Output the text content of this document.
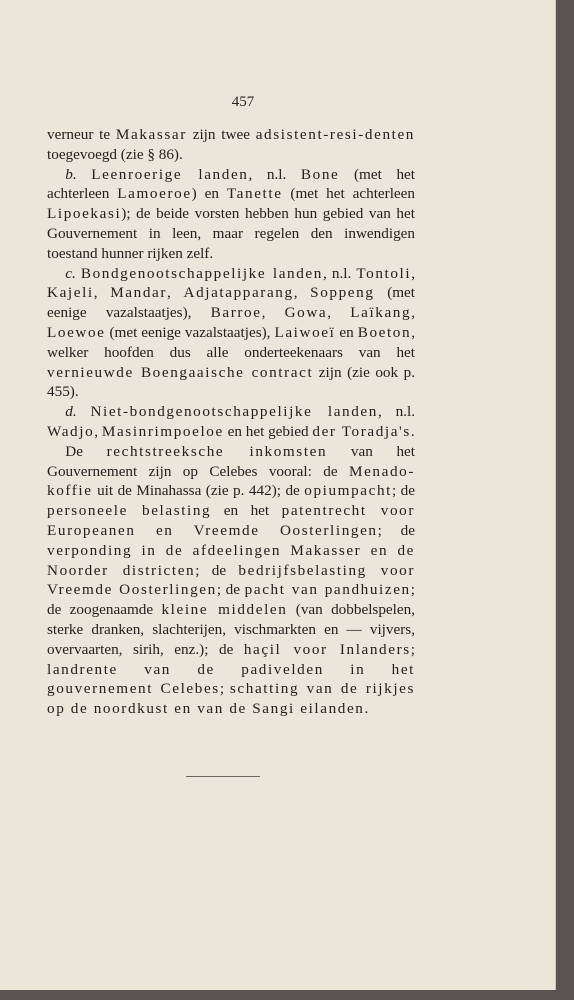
457

verneur te Makassar zijn twee adsistent-resi-denten toegevoegd (zie § 86).

b. Leenroerige landen, n.l. Bone (met het achterleen Lamoeroe) en Tanette (met het achterleen Lipoekasi); de beide vorsten hebben hun gebied van het Gouvernement in leen, maar regelen den inwendigen toestand hunner rijken zelf.

c. Bondgenootschappelijke landen, n.l. Tontoli, Kajeli, Mandar, Adjatapparang, Soppeng (met eenige vazalstaatjes), Barroe, Gowa, Laïkang, Loewoe (met eenige vazalstaatjes), Laiwoeï en Boeton, welker hoofden dus alle onderteekenaars van het vernieuwde Boengaaische contract zijn (zie ook p. 455).

d. Niet-bondgenootschappelijke landen, n.l. Wadjo, Masinrimpoeloe en het gebied der Toradja's.

De rechtstreeksche inkomsten van het Gouvernement zijn op Celebes vooral: de Menado-koffie uit de Minahassa (zie p. 442); de opiumpacht; de personeele belasting en het patentrecht voor Europeanen en Vreemde Oosterlingen; de verponding in de afdeelingen Makasser en de Noorder districten; de bedrijfsbelasting voor Vreemde Oosterlingen; de pacht van pandhuizen; de zoogenaamde kleine middelen (van dobbelspelen, sterke dranken, slachterijen, vischmarkten en — vijvers, overvaarten, sirih, enz.); de haçil voor Inlanders; landrente van de padivelden in het gouvernement Celebes; schatting van de rijkjes op de noordkust en van de Sangi eilanden.
